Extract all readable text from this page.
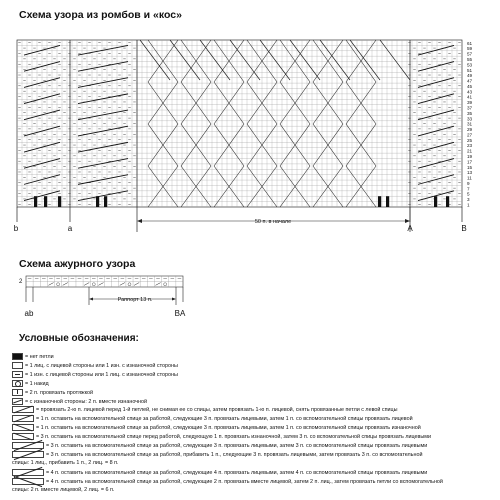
Схема узора из ромбов и «кос»
61
59
57
55
53
51
49
47
45
43
41
39
37
35
33
31
29
27
25
23
21
19
17
15
13
11
9
7
5
3
1
50 п. в начале
b	a	A	B
Схема ажурного узора
2
Раппорт 13 п.
ab	BA
Условные обозначения:
= нет петли
= 1 лиц. с лицевой стороны или 1 изн. с изнаночной стороны
= 1 изн. с лицевой стороны или 1 лиц. с изнаночной стороны
= 1 накид
= 2 п. провязать протяжкой
= с изнаночной стороны: 2 п. вместе изнаночной
= провязать 2-ю п. лицевой перед 1-й петлей, не снимая ее со спицы, затем провязать 1-ю п. лицевой, снять провязанные петли с левой спицы
= 1 п. оставить на вспомогательной спице за работой, следующие 3 п. провязать лицевыми, затем 1 п. со вспомогательной спицы провязать лицевой
= 1 п. оставить на вспомогательной спице за работой, следующие 3 п. провязать лицевыми, затем 1 п. со вспомогательной спицы провязать изнаночной
= 3 п. оставить на вспомогательной спице перед работой, следующую 1 п. провязать изнаночной, затем 3 п. со вспомогательной спицы провязать лицевыми
= 3 п. оставить на вспомогательной спице за работой, следующие 3 п. провязать лицевыми, затем 3 п. со вспомогательной спицы провязать лицевыми
= 3 п. оставить на вспомогательной спице за работой, прибавить 1 п., следующие 3 п. провязать лицевыми, затем провязать 3 п. со вспомогательной
спицы: 1 лиц., прибавить 1 п., 2 лиц. = 8 п.
= 4 п. оставить на вспомогательной спице за работой, следующие 4 п. провязать лицевыми, затем 4 п. со вспомогательной спицы провязать лицевыми
= 4 п. оставить на вспомогательной спице за работой, следующие 2 п. провязать вместе лицевой, затем 2 п. лиц., затем провязать петли со вспомогательной
спицы: 2 п. вместе лицевой, 2 лиц. = 6 п.
